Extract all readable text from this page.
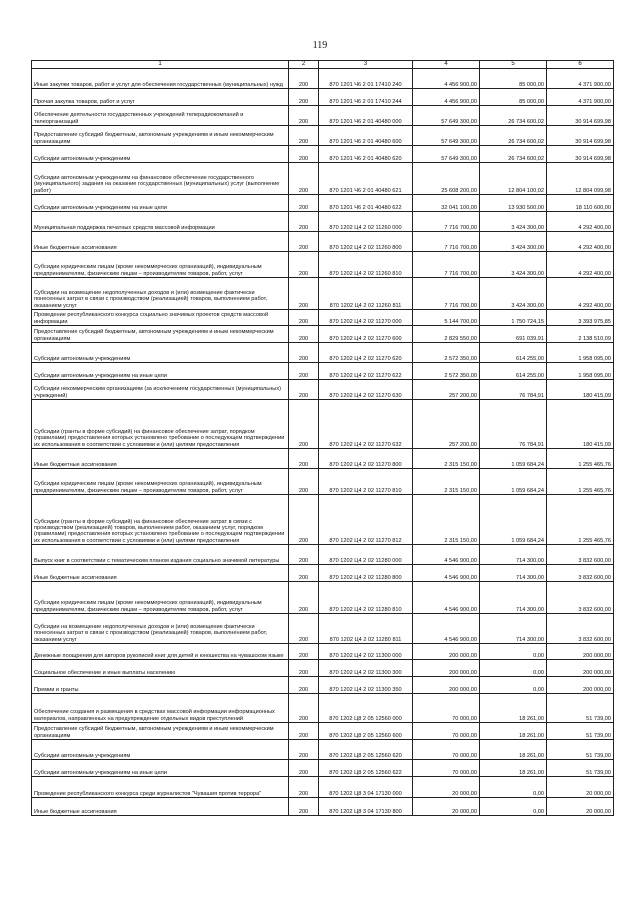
119
1	2	3	4	5	6
Иные закупки товаров, работ и услуг для обеспечения государственных (муниципальных) нужд	200	870 1201 Ч6 2 01 17410 240	4 456 900,00	85 000,00	4 371 900,00
Прочая закупка товаров, работ и услуг	200	870 1201 Ч6 2 01 17410 244	4 456 900,00	85 000,00	4 371 900,00
Обеспечение деятельности государственных учреждений телерадиокомпаний и телеорганизаций	200	870 1201 Ч6 2 01 40480 000	57 649 300,00	26 734 600,02	30 914 699,98
Предоставление субсидий бюджетным, автономным учреждениям и иным некоммерческим организациям	200	870 1201 Ч6 2 01 40480 600	57 649 300,00	26 734 600,02	30 914 699,98
Субсидии автономным учреждениям	200	870 1201 Ч6 2 01 40480 620	57 649 300,00	26 734 600,02	30 914 699,98
Субсидии автономным учреждениям на финансовое обеспечение государственного (муниципального) задания на оказание государственных (муниципальных) услуг (выполнение работ)	200	870 1201 Ч6 2 01 40480 621	25 608 200,00	12 804 100,02	12 804 099,98
Субсидии автономным учреждениям на иные цели	200	870 1201 Ч6 2 01 40480 622	32 041 100,00	13 930 500,00	18 110 600,00
Муниципальная поддержка печатных средств массовой информации	200	870 1202 Ц4 2 02 11260 000	7 716 700,00	3 424 300,00	4 292 400,00
Иные бюджетные ассигнования	200	870 1202 Ц4 2 02 11260 800	7 716 700,00	3 424 300,00	4 292 400,00
Субсидии юридическим лицам (кроме некоммерческих организаций), индивидуальным предпринимателям, физическим лицам – производителям товаров, работ, услуг	200	870 1202 Ц4 2 02 11260 810	7 716 700,00	3 424 300,00	4 292 400,00
Субсидии на возмещение недополученных доходов и (или) возмещение фактически понесенных затрат в связи с производством (реализацией) товаров, выполнением работ, оказанием услуг	200	870 1202 Ц4 2 02 11260 811	7 716 700,00	3 424 300,00	4 292 400,00
Проведение республиканского конкурса социально значимых проектов средств массовой информации	200	870 1202 Ц4 2 02 11270 000	5 144 700,00	1 750 724,15	3 393 975,85
Предоставление субсидий бюджетным, автономным учреждениям и иным некоммерческим организациям	200	870 1202 Ц4 2 02 11270 600	2 829 550,00	691 039,91	2 138 510,09
Субсидии автономным учреждениям	200	870 1202 Ц4 2 02 11270 620	2 572 350,00	614 255,00	1 958 095,00
Субсидии автономным учреждениям на иные цели	200	870 1202 Ц4 2 02 11270 622	2 572 350,00	614 255,00	1 958 095,00
Субсидии некоммерческим организациям (за исключением государственных (муниципальных) учреждений)	200	870 1202 Ц4 2 02 11270 630	257 200,00	76 784,91	180 415,09
Субсидии (гранты в форме субсидий) на финансовое обеспечение затрат, порядком (правилами) предоставления которых установлено требование о последующем подтверждении их использования в соответствии с условиями и (или) целями предоставления	200	870 1202 Ц4 2 02 11270 632	257 200,00	76 784,91	180 415,09
Иные бюджетные ассигнования	200	870 1202 Ц4 2 02 11270 800	2 315 150,00	1 059 684,24	1 255 465,76
Субсидии юридическим лицам (кроме некоммерческих организаций), индивидуальным предпринимателям, физическим лицам – производителям товаров, работ, услуг	200	870 1202 Ц4 2 02 11270 810	2 315 150,00	1 059 684,24	1 255 465,76
Субсидии (гранты в форме субсидий) на финансовое обеспечение затрат в связи с производством (реализацией) товаров, выполнением работ, оказанием услуг, порядком (правилами) предоставления которых установлено требование о последующем подтверждении их использования в соответствии с условиями и (или) целями предоставления	200	870 1202 Ц4 2 02 11270 812	2 315 150,00	1 059 684,24	1 255 465,76
Выпуск книг в соответствии с тематическим планом издания социально значимой литературы	200	870 1202 Ц4 2 02 11280 000	4 546 900,00	714 300,00	3 832 600,00
Иные бюджетные ассигнования	200	870 1202 Ц4 2 02 11280 800	4 546 900,00	714 300,00	3 832 600,00
Субсидии юридическим лицам (кроме некоммерческих организаций), индивидуальным предпринимателям, физическим лицам – производителям товаров, работ, услуг	200	870 1202 Ц4 2 02 11280 810	4 546 900,00	714 300,00	3 832 600,00
Субсидии на возмещение недополученных доходов и (или) возмещение фактически понесенных затрат в связи с производством (реализацией) товаров, выполнением работ, оказанием услуг	200	870 1202 Ц4 2 02 11280 811	4 546 900,00	714 300,00	3 832 600,00
Денежные поощрения для авторов рукописей книг для детей и юношества на чувашском языке	200	870 1202 Ц4 2 02 11300 000	200 000,00	0,00	200 000,00
Социальное обеспечение и иные выплаты населению	200	870 1202 Ц4 2 02 11300 300	200 000,00	0,00	200 000,00
Премии и гранты	200	870 1202 Ц4 2 02 11300 350	200 000,00	0,00	200 000,00
Обеспечение создания и размещения в средствах массовой информации информационных материалов, направленных на предупреждение отдельных видов преступлений	200	870 1202 Ц8 2 05 12560 000	70 000,00	18 261,00	51 739,00
Предоставление субсидий бюджетным, автономным учреждениям и иным некоммерческим организациям	200	870 1202 Ц8 2 05 12560 600	70 000,00	18 261,00	51 739,00
Субсидии автономным учреждениям	200	870 1202 Ц8 2 05 12560 620	70 000,00	18 261,00	51 739,00
Субсидии автономным учреждениям на иные цели	200	870 1202 Ц8 2 05 12560 622	70 000,00	18 261,00	51 739,00
Проведение республиканского конкурса среди журналистов "Чувашия против террора"	200	870 1202 Ц8 3 04 17130 000	20 000,00	0,00	20 000,00
Иные бюджетные ассигнования	200	870 1202 Ц8 3 04 17130 800	20 000,00	0,00	20 000,00
